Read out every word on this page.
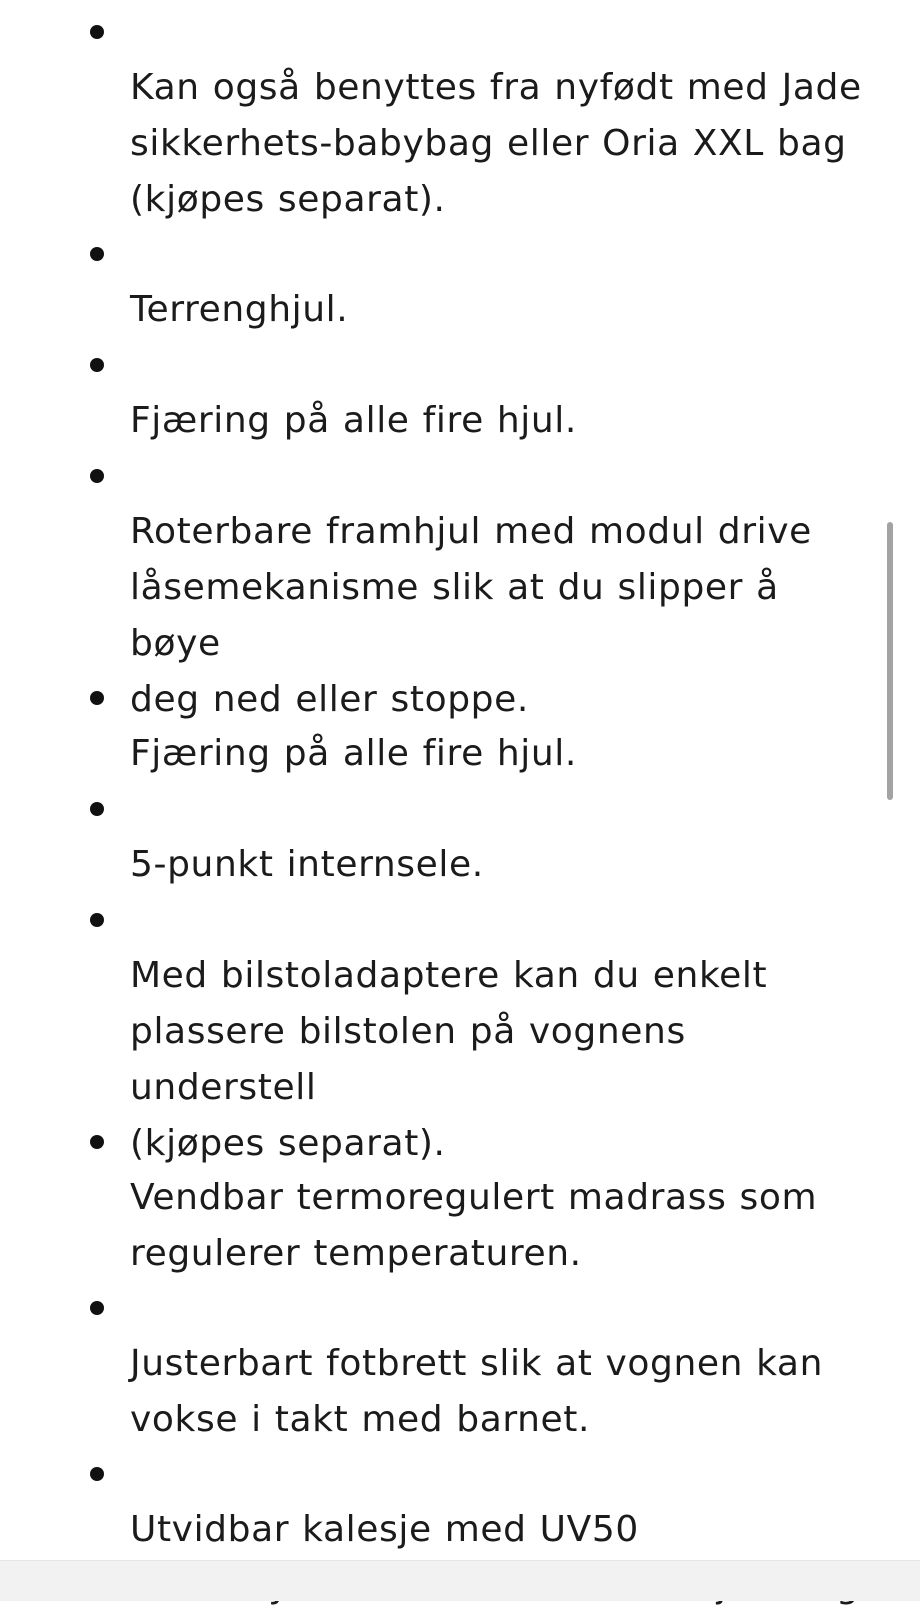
Kan også benyttes fra nyfødt med Jade
sikkerhets-babybag eller Oria XXL bag
(kjøpes separat).

Terrenghjul.

Fjæring på alle fire hjul.

Roterbare framhjul med modul drive
låsemekanisme slik at du slipper å bøye
deg ned eller stoppe.

Fjæring på alle fire hjul.

5-punkt internsele.

Med bilstoladaptere kan du enkelt
plassere bilstolen på vognens understell
(kjøpes separat).

Vendbar termoregulert madrass som
regulerer temperaturen.

Justerbart fotbrett slik at vognen kan
vokse i takt med barnet.

Utvidbar kalesje med UV50
